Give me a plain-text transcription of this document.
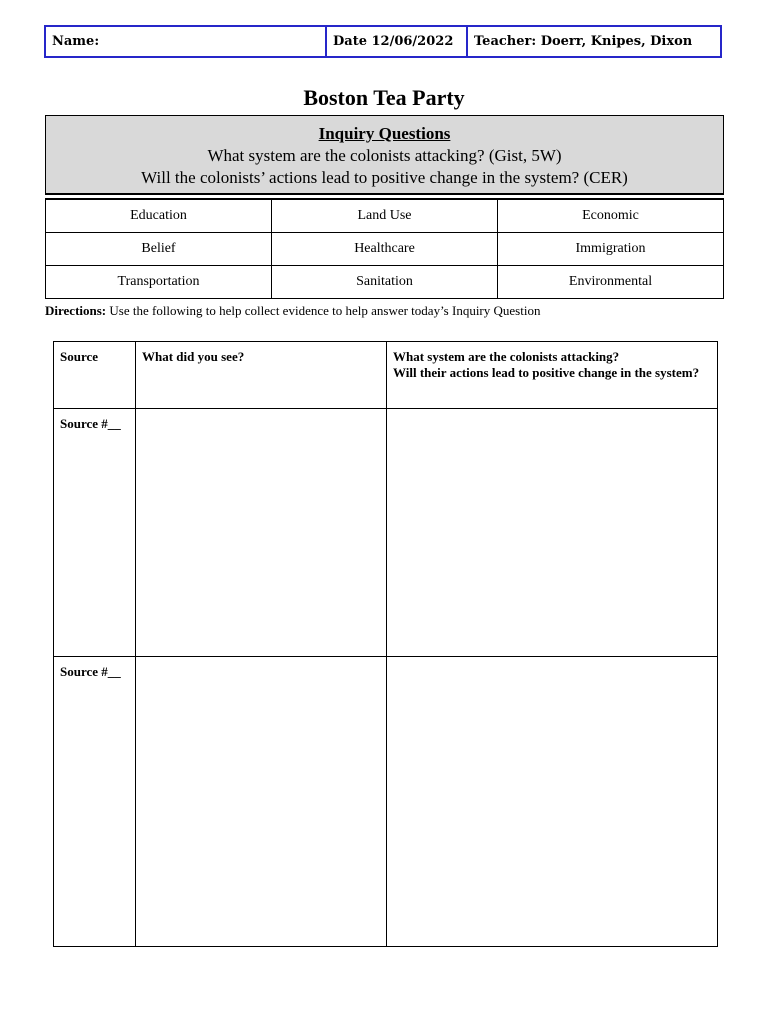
Name:	Date 12/06/2022	Teacher: Doerr, Knipes, Dixon
Boston Tea Party
Inquiry Questions
What system are the colonists attacking? (Gist, 5W)
Will the colonists’ actions lead to positive change in the system? (CER)
Education	Land Use	Economic
Belief	Healthcare	Immigration
Transportation	Sanitation	Environmental
Directions: Use the following to help collect evidence to help answer today’s Inquiry Question
Source	What did you see?	What system are the colonists attacking?
Will their actions lead to positive change in the system?
Source #__		
Source #__		
